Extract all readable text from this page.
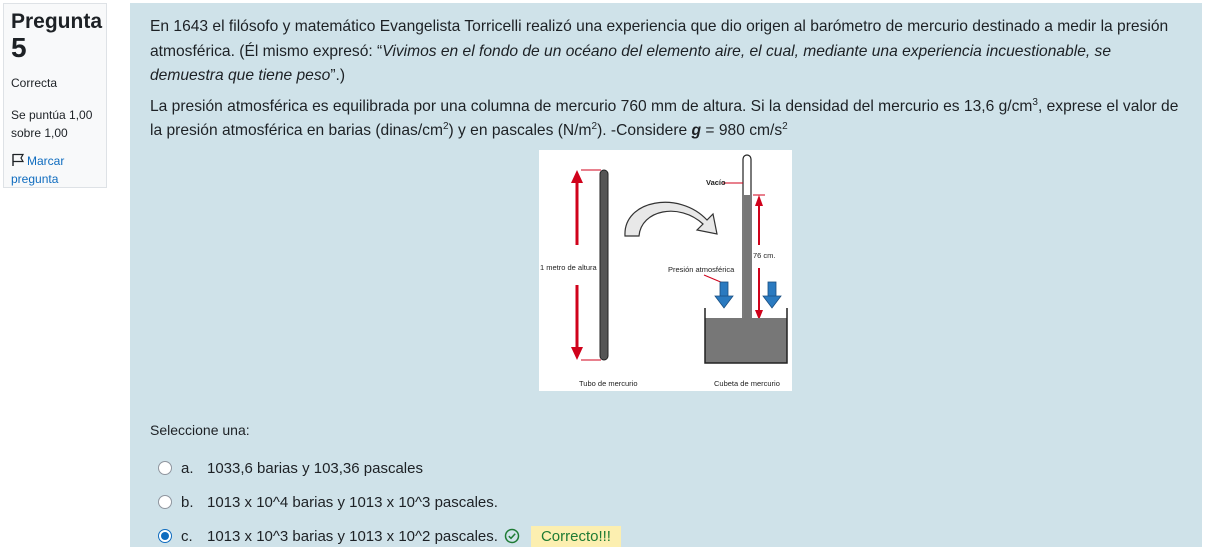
Pregunta
5
Correcta
Se puntúa 1,00 sobre 1,00
Marcar pregunta

En 1643 el filósofo y matemático Evangelista Torricelli realizó una experiencia que dio origen al barómetro de mercurio destinado a medir la presión atmosférica. (Él mismo expresó: “Vivimos en el fondo de un océano del elemento aire, el cual, mediante una experiencia incuestionable, se demuestra que tiene peso”.)

La presión atmosférica es equilibrada por una columna de mercurio 760 mm de altura. Si la densidad del mercurio es 13,6 $g/cm^3$, exprese el valor de la presión atmosférica en barias $(dinas/cm^2)$ y en pascales $(N/m^2)$. -Considere g = 980 $cm/s^2$

1 metro de altura
Tubo de mercurio
Vacío
76 cm.
Presión atmosférica
Cubeta de mercurio
Seleccione una:
a. 1033,6 barias y 103,36 pascales
b. 1013 x 10^4 barias y 1013 x 10^3 pascales.
c. 1013 x 10^3 barias y 1013 x 10^2 pascales.	Correcto!!!
